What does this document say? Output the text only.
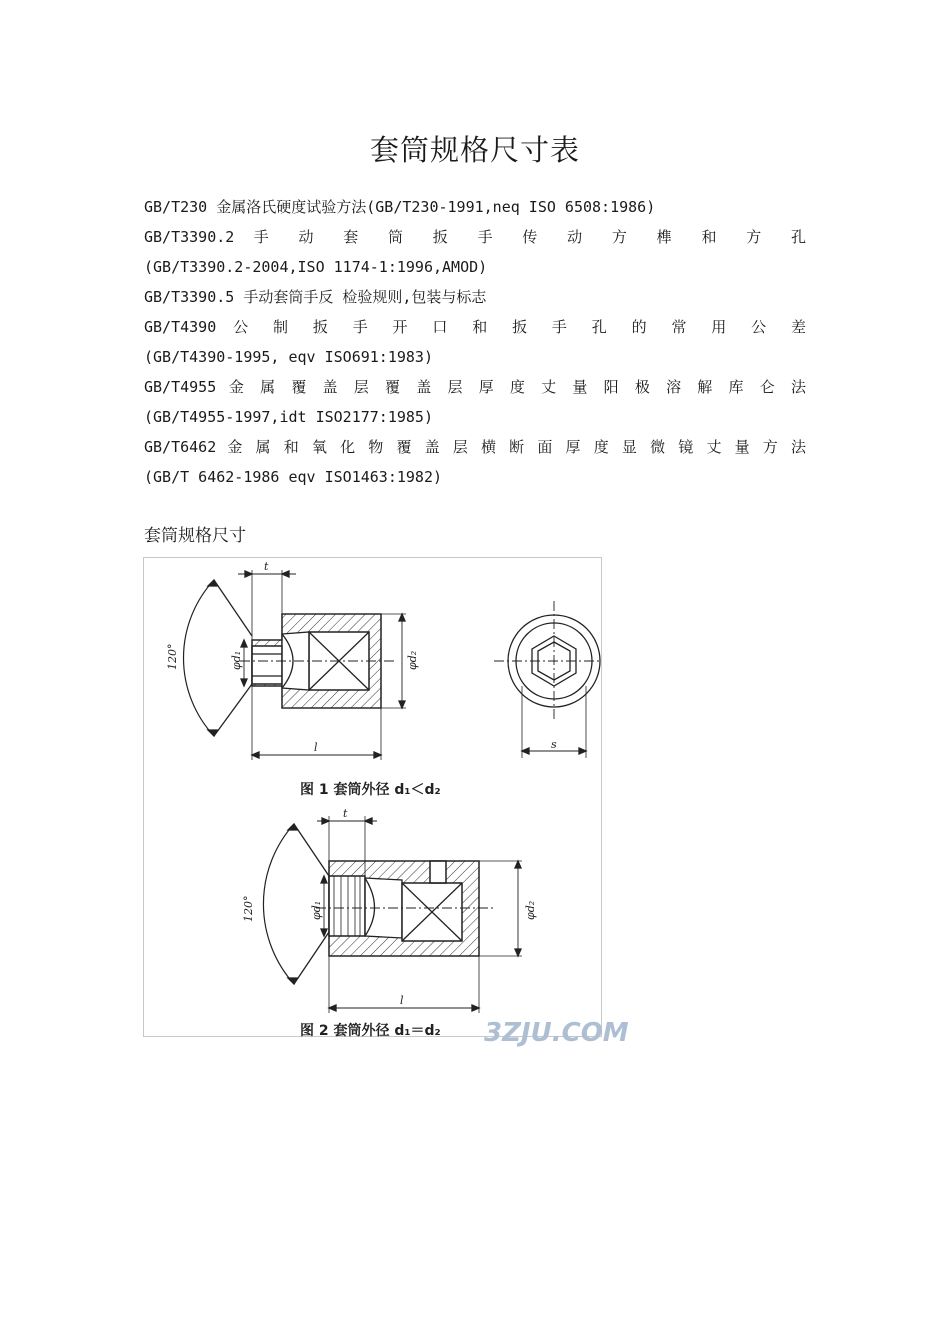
套筒规格尺寸表
GB/T230 金属洛氏硬度试验方法(GB/T230-1991,neq ISO 6508:1986)
GB/T3390.2 手 动 套 筒 扳 手 传 动 方 榫 和 方 孔
(GB/T3390.2-2004,ISO 1174-1:1996,AMOD)
GB/T3390.5 手动套筒手反 检验规则,包装与标志
GB/T4390 公 制 扳 手 开 口 和 扳 手 孔 的 常 用 公 差
(GB/T4390-1995, eqv ISO691:1983)
GB/T4955 金 属 覆 盖 层 覆 盖 层 厚 度 丈 量 阳 极 溶 解 库 仑 法
(GB/T4955-1997,idt ISO2177:1985)
GB/T6462 金 属 和 氧 化 物 覆 盖 层 横 断 面 厚 度 显 微 镜 丈 量 方 法
(GB/T 6462-1986 eqv ISO1463:1982)
套筒规格尺寸
120°	φd₁	φd₂
t
l	s
120°	φd₁	φd₂
t
l
图 1 套筒外径 d₁＜d₂
3ZJU.COM
图 2 套筒外径 d₁＝d₂
